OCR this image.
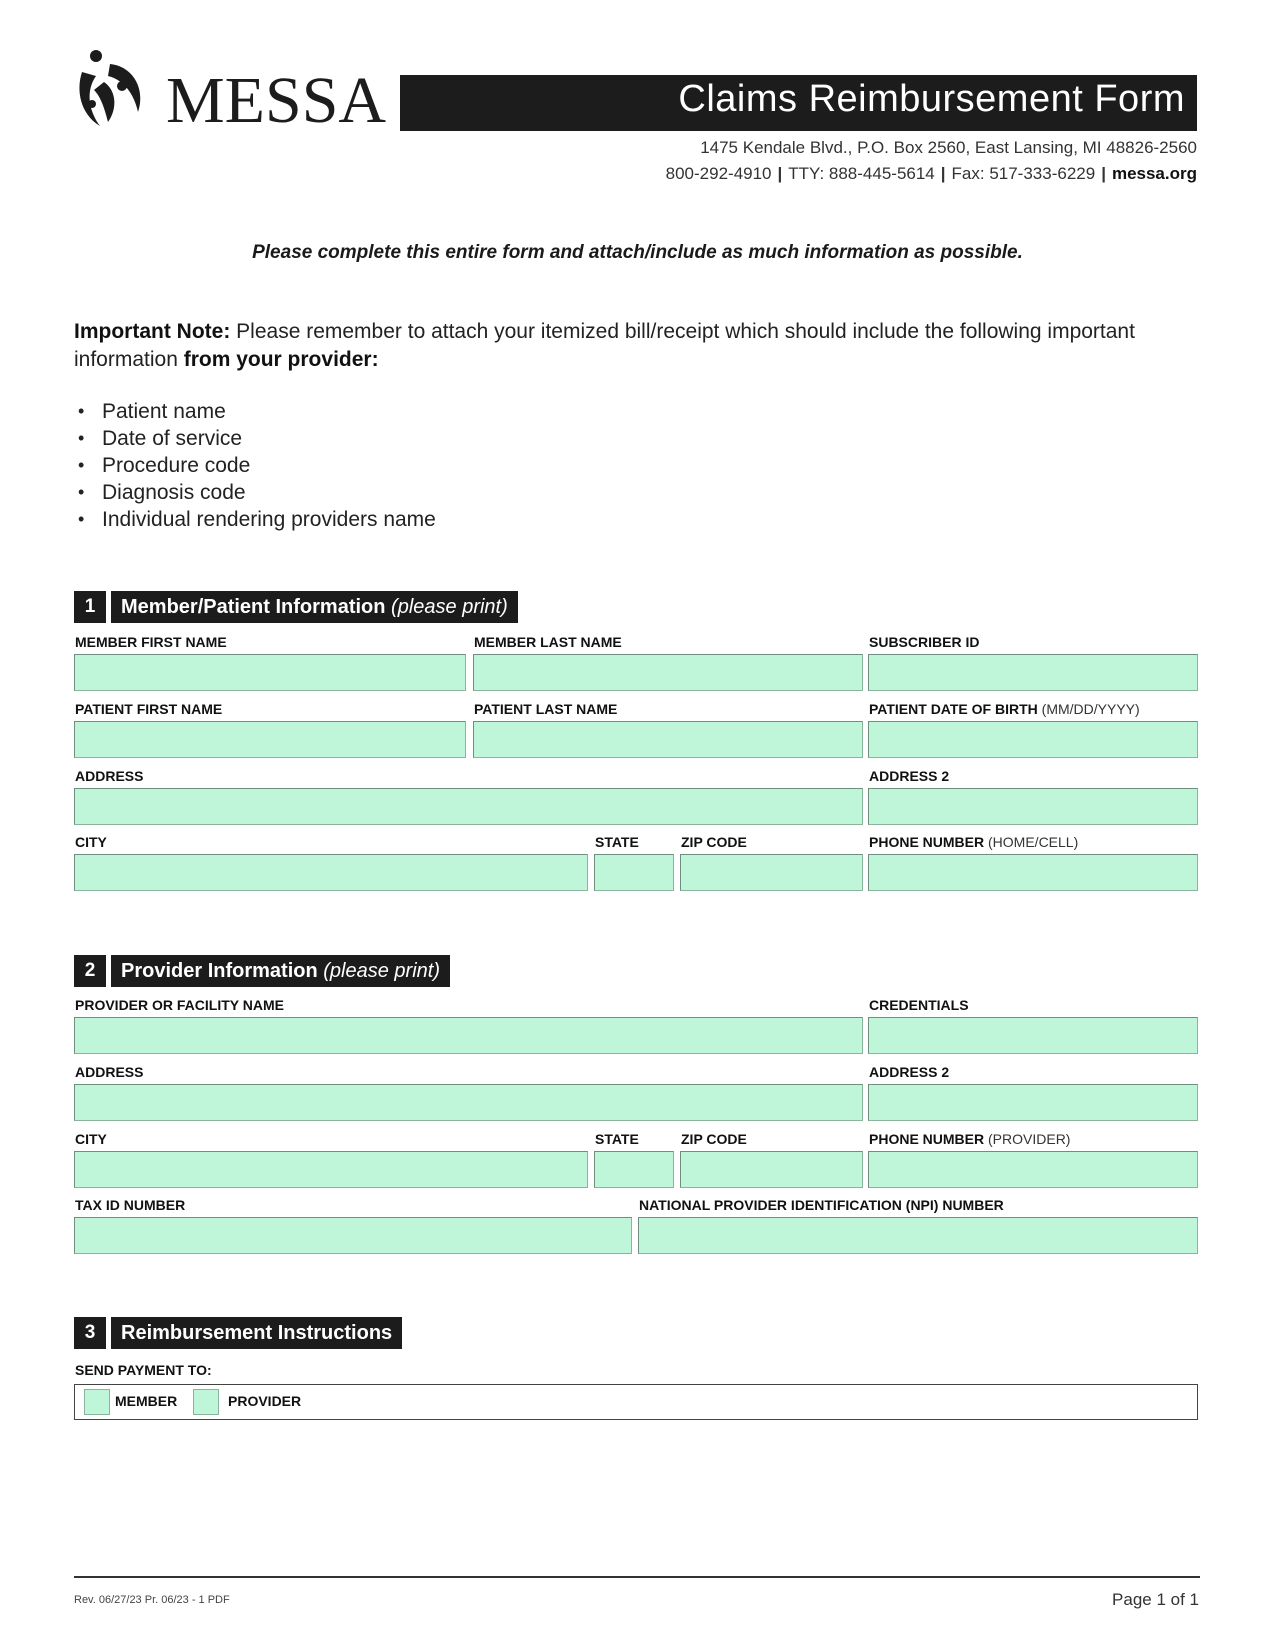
MESSA	Claims Reimbursement Form
1475 Kendale Blvd., P.O. Box 2560, East Lansing, MI 48826-2560
800-292-4910 | TTY: 888-445-5614 | Fax: 517-333-6229 | messa.org
Please complete this entire form and attach/include as much information as possible.
Important Note: Please remember to attach your itemized bill/receipt which should include the following important information from your provider:
• Patient name
• Date of service
• Procedure code
• Diagnosis code
• Individual rendering providers name
1	Member/Patient Information (please print)
MEMBER FIRST NAME	MEMBER LAST NAME	SUBSCRIBER ID
PATIENT FIRST NAME	PATIENT LAST NAME	PATIENT DATE OF BIRTH (MM/DD/YYYY)
ADDRESS	ADDRESS 2
CITY	STATE	ZIP CODE	PHONE NUMBER (HOME/CELL)
2	Provider Information (please print)
PROVIDER OR FACILITY NAME	CREDENTIALS
ADDRESS	ADDRESS 2
CITY	STATE	ZIP CODE	PHONE NUMBER (PROVIDER)
TAX ID NUMBER	NATIONAL PROVIDER IDENTIFICATION (NPI) NUMBER
3	Reimbursement Instructions
SEND PAYMENT TO:
MEMBER	PROVIDER
Rev. 06/27/23 Pr. 06/23 - 1 PDF	Page 1 of 1
